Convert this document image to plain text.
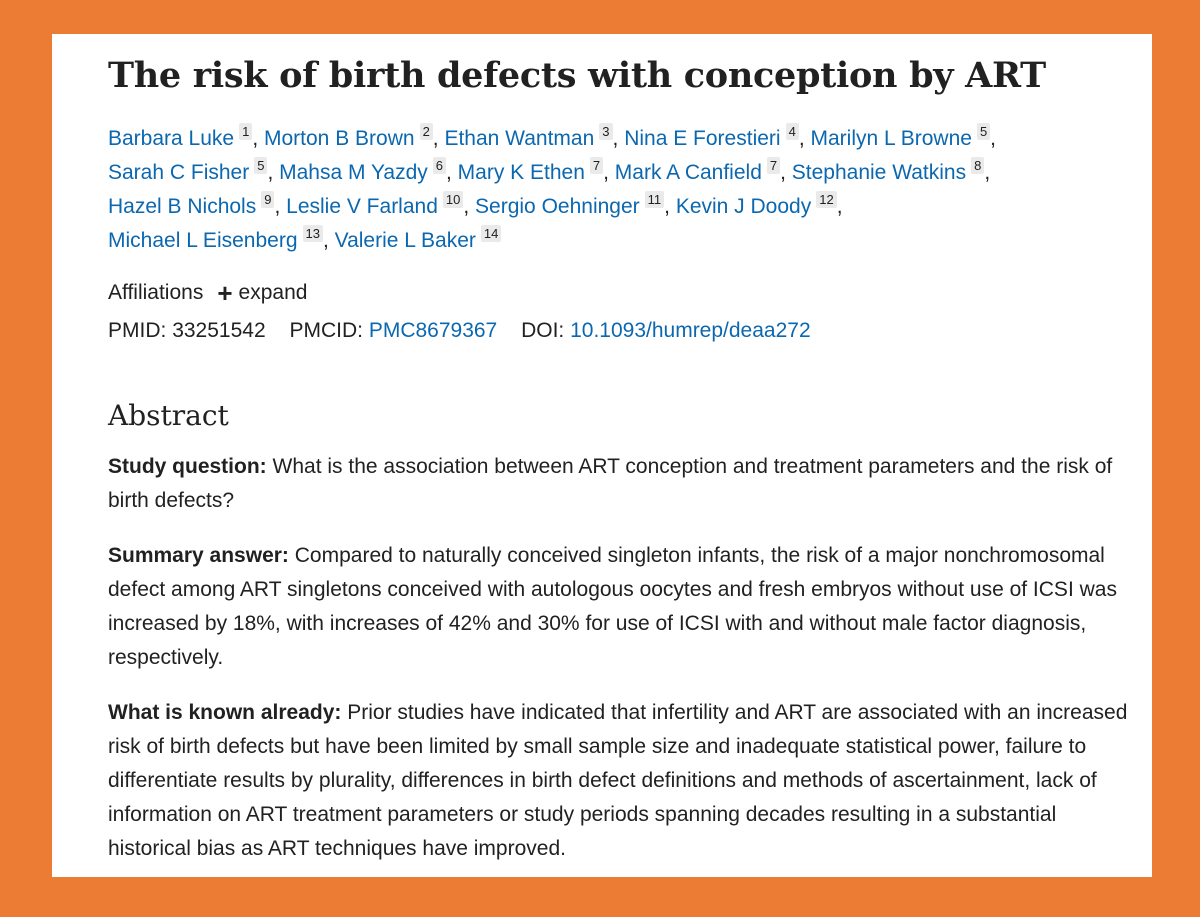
The risk of birth defects with conception by ART
Barbara Luke 1 , Morton B Brown 2 , Ethan Wantman 3 , Nina E Forestieri 4 , Marilyn L Browne 5 ,
Sarah C Fisher 5 , Mahsa M Yazdy 6 , Mary K Ethen 7 , Mark A Canfield 7 , Stephanie Watkins 8 ,
Hazel B Nichols 9 , Leslie V Farland 10 , Sergio Oehninger 11 , Kevin J Doody 12 ,
Michael L Eisenberg 13 , Valerie L Baker 14
Affiliations + expand
PMID: 33251542 PMCID: PMC8679367 DOI: 10.1093/humrep/deaa272
Abstract

Study question: What is the association between ART conception and treatment parameters and the risk of birth defects?

Summary answer: Compared to naturally conceived singleton infants, the risk of a major nonchromosomal defect among ART singletons conceived with autologous oocytes and fresh embryos without use of ICSI was increased by 18%, with increases of 42% and 30% for use of ICSI with and without male factor diagnosis, respectively.

What is known already: Prior studies have indicated that infertility and ART are associated with an increased risk of birth defects but have been limited by small sample size and inadequate statistical power, failure to differentiate results by plurality, differences in birth defect definitions and methods of ascertainment, lack of information on ART treatment parameters or study periods spanning decades resulting in a substantial historical bias as ART techniques have improved.
